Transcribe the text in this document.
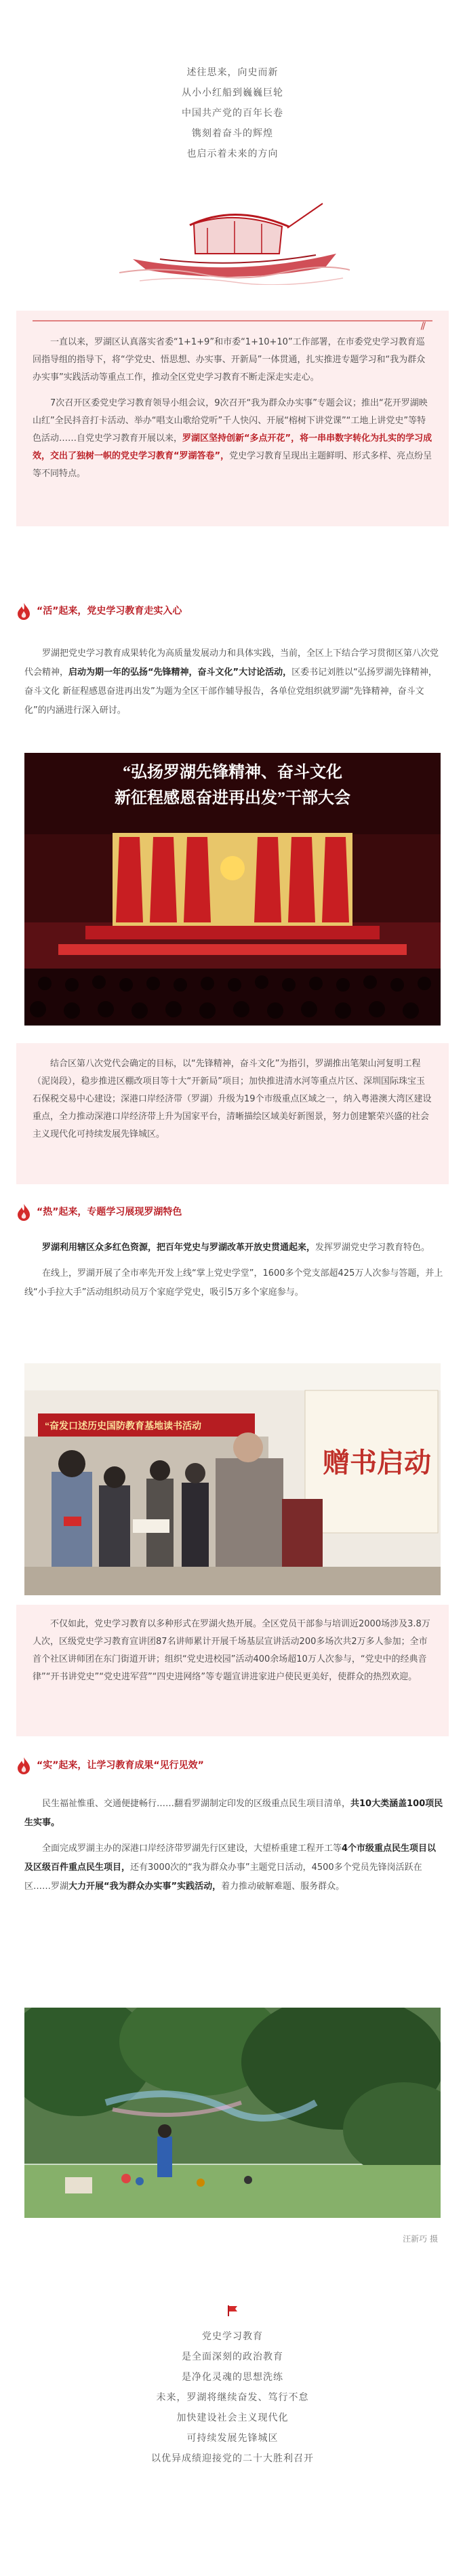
述往思来，向史而新
从小小红船到巍巍巨轮
中国共产党的百年长卷
镌刻着奋斗的辉煌
也启示着未来的方向
//

一直以来，罗湖区认真落实省委“1+1+9”和市委“1+10+10”工作部署，在市委党史学习教育巡回指导组的指导下，将“学党史、悟思想、办实事、开新局”一体贯通，扎实推进专题学习和“我为群众办实事”实践活动等重点工作，推动全区党史学习教育不断走深走实走心。

7次召开区委党史学习教育领导小组会议，9次召开“我为群众办实事”专题会议；推出“花开罗湖映山红”全民抖音打卡活动、举办“唱支山歌给党听”千人快闪、开展“榕树下讲党课”“工地上讲党史”等特色活动……自党史学习教育开展以来，罗湖区坚持创新“多点开花”，将一串串数字转化为扎实的学习成效，交出了独树一帜的党史学习教育“罗湖答卷”，党史学习教育呈现出主题鲜明、形式多样、亮点纷呈等不同特点。

“活”起来，党史学习教育走实入心

罗湖把党史学习教育成果转化为高质量发展动力和具体实践，当前，全区上下结合学习贯彻区第八次党代会精神，启动为期一年的弘扬“先锋精神，奋斗文化”大讨论活动，区委书记刘胜以“弘扬罗湖先锋精神，奋斗文化 新征程感恩奋进再出发”为题为全区干部作辅导报告，各单位党组织就罗湖“先锋精神，奋斗文化”的内涵进行深入研讨。

“弘扬罗湖先锋精神、奋斗文化
新征程感恩奋进再出发”干部大会

结合区第八次党代会确定的目标，以“先锋精神，奋斗文化”为指引，罗湖推出笔架山河复明工程（泥岗段），稳步推进区棚改项目等十大“开新局”项目；加快推进清水河等重点片区、深圳国际珠宝玉石保税交易中心建设；深港口岸经济带（罗湖）升级为19个市级重点区域之一，纳入粤港澳大湾区建设重点，全力推动深港口岸经济带上升为国家平台，清晰描绘区域美好新图景，努力创建繁荣兴盛的社会主义现代化可持续发展先锋城区。

“热”起来，专题学习展现罗湖特色

罗湖利用辖区众多红色资源，把百年党史与罗湖改革开放史贯通起来，发挥罗湖党史学习教育特色。

在线上，罗湖开展了全市率先开发上线“掌上党史学堂”，1600多个党支部超425万人次参与答题，并上线“小手拉大手”活动组织动员万个家庭学党史，吸引5万多个家庭参与。

“奋发口述历史国防教育基地读书活动
赠书启动

不仅如此，党史学习教育以多种形式在罗湖火热开展。全区党员干部参与培训近2000场涉及3.8万人次，区级党史学习教育宣讲团87名讲师累计开展千场基层宣讲活动200多场次共2万多人参加；全市首个社区讲师团在东门街道开讲；组织“党史进校园”活动400余场超10万人次参与，“党史中的经典音律”“开书讲党史”“党史进军营”“四史进网络”等专题宣讲进家进户使民更美好，使群众的热烈欢迎。

“实”起来，让学习教育成果“见行见效”

民生福祉惟重、交通便捷畅行……翻看罗湖制定印发的区级重点民生项目清单，共10大类涵盖100项民生实事。

全面完成罗湖主办的深港口岸经济带罗湖先行区建设，大望桥重建工程开工等4个市级重点民生项目以及区级百件重点民生项目，还有3000次的“我为群众办事”主题党日活动，4500多个党员先锋岗活跃在区……罗湖大力开展“我为群众办实事”实践活动，着力推动破解难题、服务群众。

汪新巧 摄
党史学习教育
是全面深刻的政治教育
是净化灵魂的思想洗练
未来，罗湖将继续奋发、笃行不怠
加快建设社会主义现代化
可持续发展先锋城区
以优异成绩迎接党的二十大胜利召开
